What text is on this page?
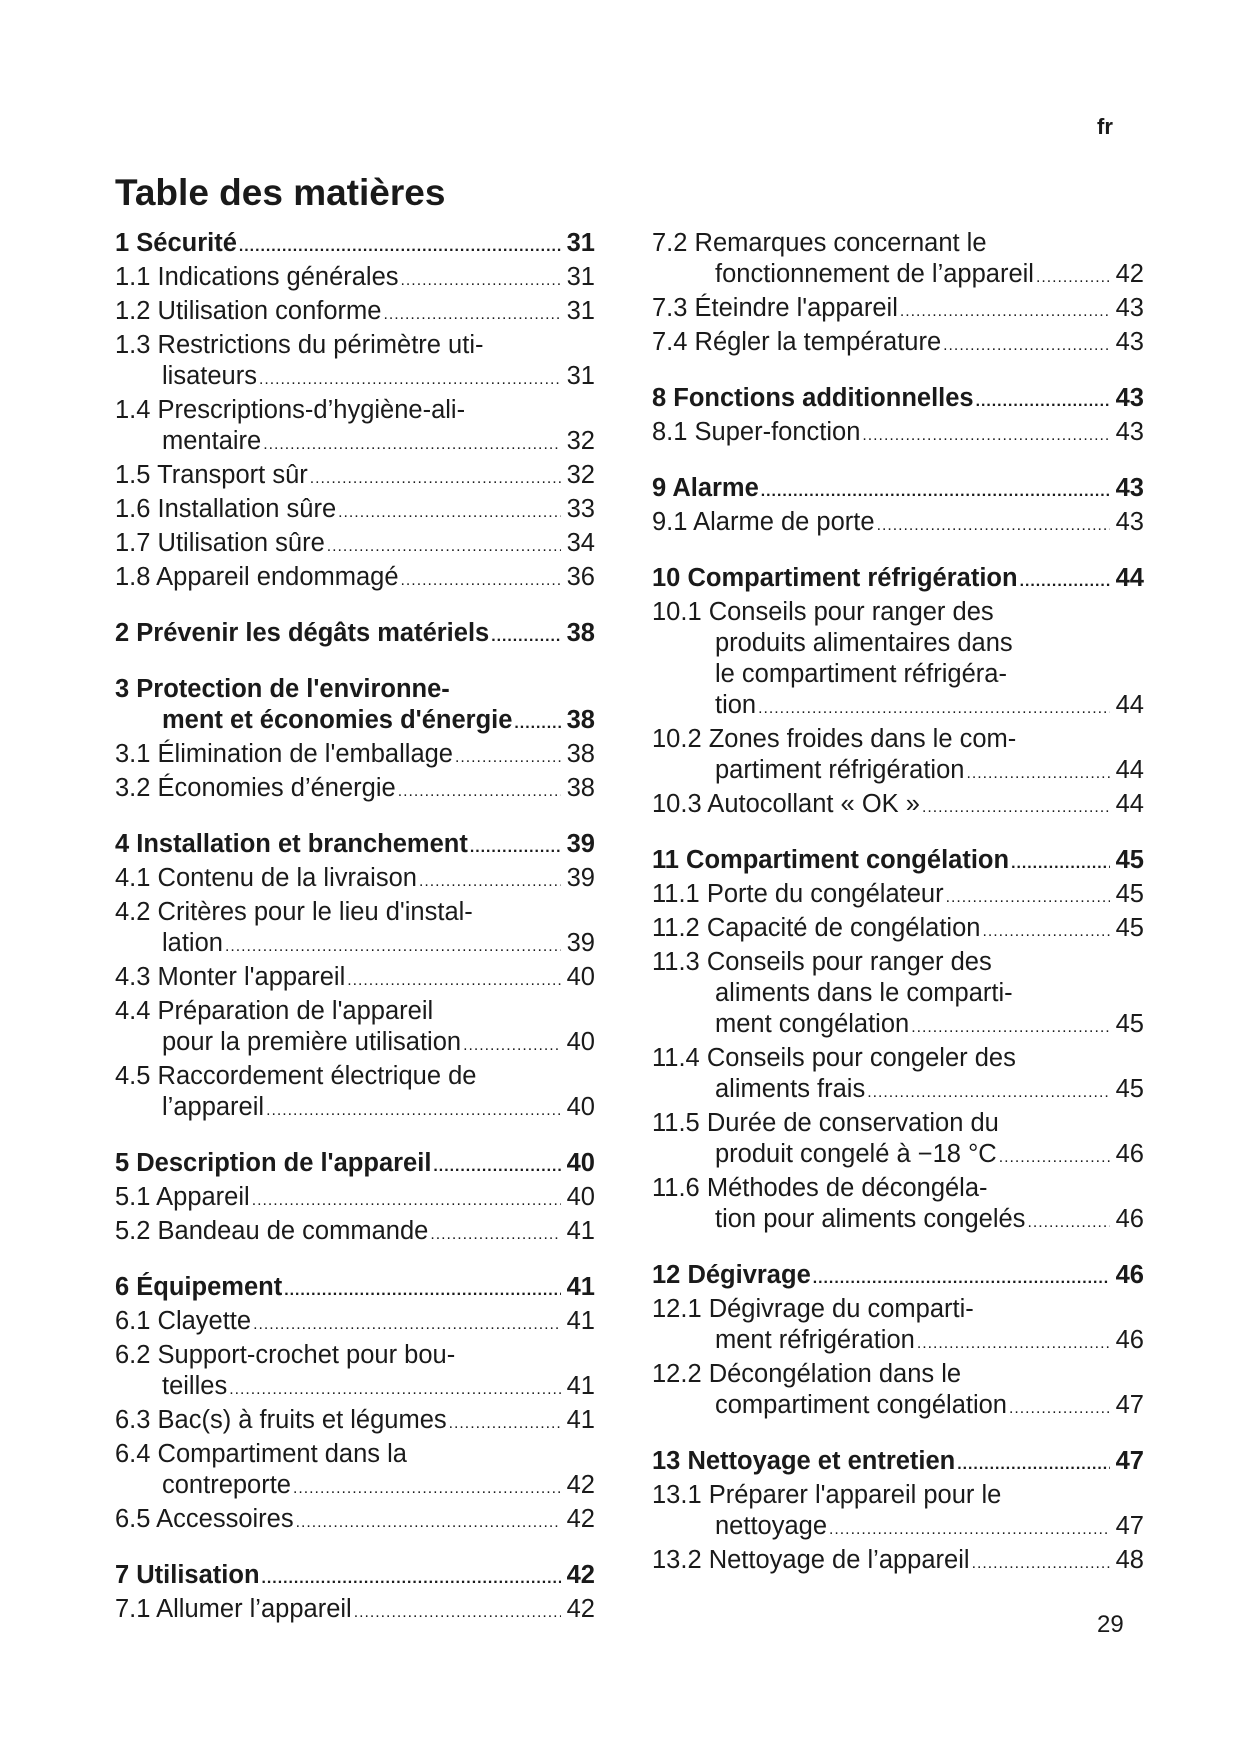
fr
Table des matières
1 Sécurité .....	31
1.1 Indications générales .....	31
1.2 Utilisation conforme .....	31
1.3 Restrictions du périmètre uti-
lisateurs .....	31
1.4 Prescriptions-d’hygiène-ali-
mentaire .....	32
1.5 Transport sûr .....	32
1.6 Installation sûre .....	33
1.7 Utilisation sûre .....	34
1.8 Appareil endommagé .....	36
2 Prévenir les dégâts matériels .....	38
3 Protection de l'environne-
ment et économies d'énergie ..... 38
3.1 Élimination de l'emballage .....	38
3.2 Économies d’énergie .....	38
4 Installation et branchement .....	39
4.1 Contenu de la livraison .....	39
4.2 Critères pour le lieu d'instal-
lation .....	39
4.3 Monter l'appareil .....	40
4.4 Préparation de l'appareil
pour la première utilisation .....	40
4.5 Raccordement électrique de
l’appareil .....	40
5 Description de l'appareil .....	40
5.1 Appareil .....	40
5.2 Bandeau de commande .....	41
6 Équipement .....	41
6.1 Clayette .....	41
6.2 Support-crochet pour bou-
teilles .....	41
6.3 Bac(s) à fruits et légumes .....	41
6.4 Compartiment dans la
contreporte .....	42
6.5 Accessoires .....	42
7 Utilisation .....	42
7.1 Allumer l’appareil .....	42
7.2 Remarques concernant le
fonctionnement de l’appareil .....	42
7.3 Éteindre l'appareil .....	43
7.4 Régler la température .....	43
8 Fonctions additionnelles .....	43
8.1 Super-fonction .....	43
9 Alarme .....	43
9.1 Alarme de porte .....	43
10 Compartiment réfrigération .....	44
10.1 Conseils pour ranger des
produits alimentaires dans
le compartiment réfrigéra-
tion .....	44
10.2 Zones froides dans le com-
partiment réfrigération .....	44
10.3 Autocollant « OK » .....	44
11 Compartiment congélation .....	45
11.1 Porte du congélateur .....	45
11.2 Capacité de congélation .....	45
11.3 Conseils pour ranger des
aliments dans le comparti-
ment congélation .....	45
11.4 Conseils pour congeler des
aliments frais .....	45
11.5 Durée de conservation du
produit congelé à −18 °C .....	46
11.6 Méthodes de décongéla-
tion pour aliments congelés .....	46
12 Dégivrage .....	46
12.1 Dégivrage du comparti-
ment réfrigération .....	46
12.2 Décongélation dans le
compartiment congélation .....	47
13 Nettoyage et entretien .....	47
13.1 Préparer l'appareil pour le
nettoyage .....	47
13.2 Nettoyage de l’appareil .....	48
29
